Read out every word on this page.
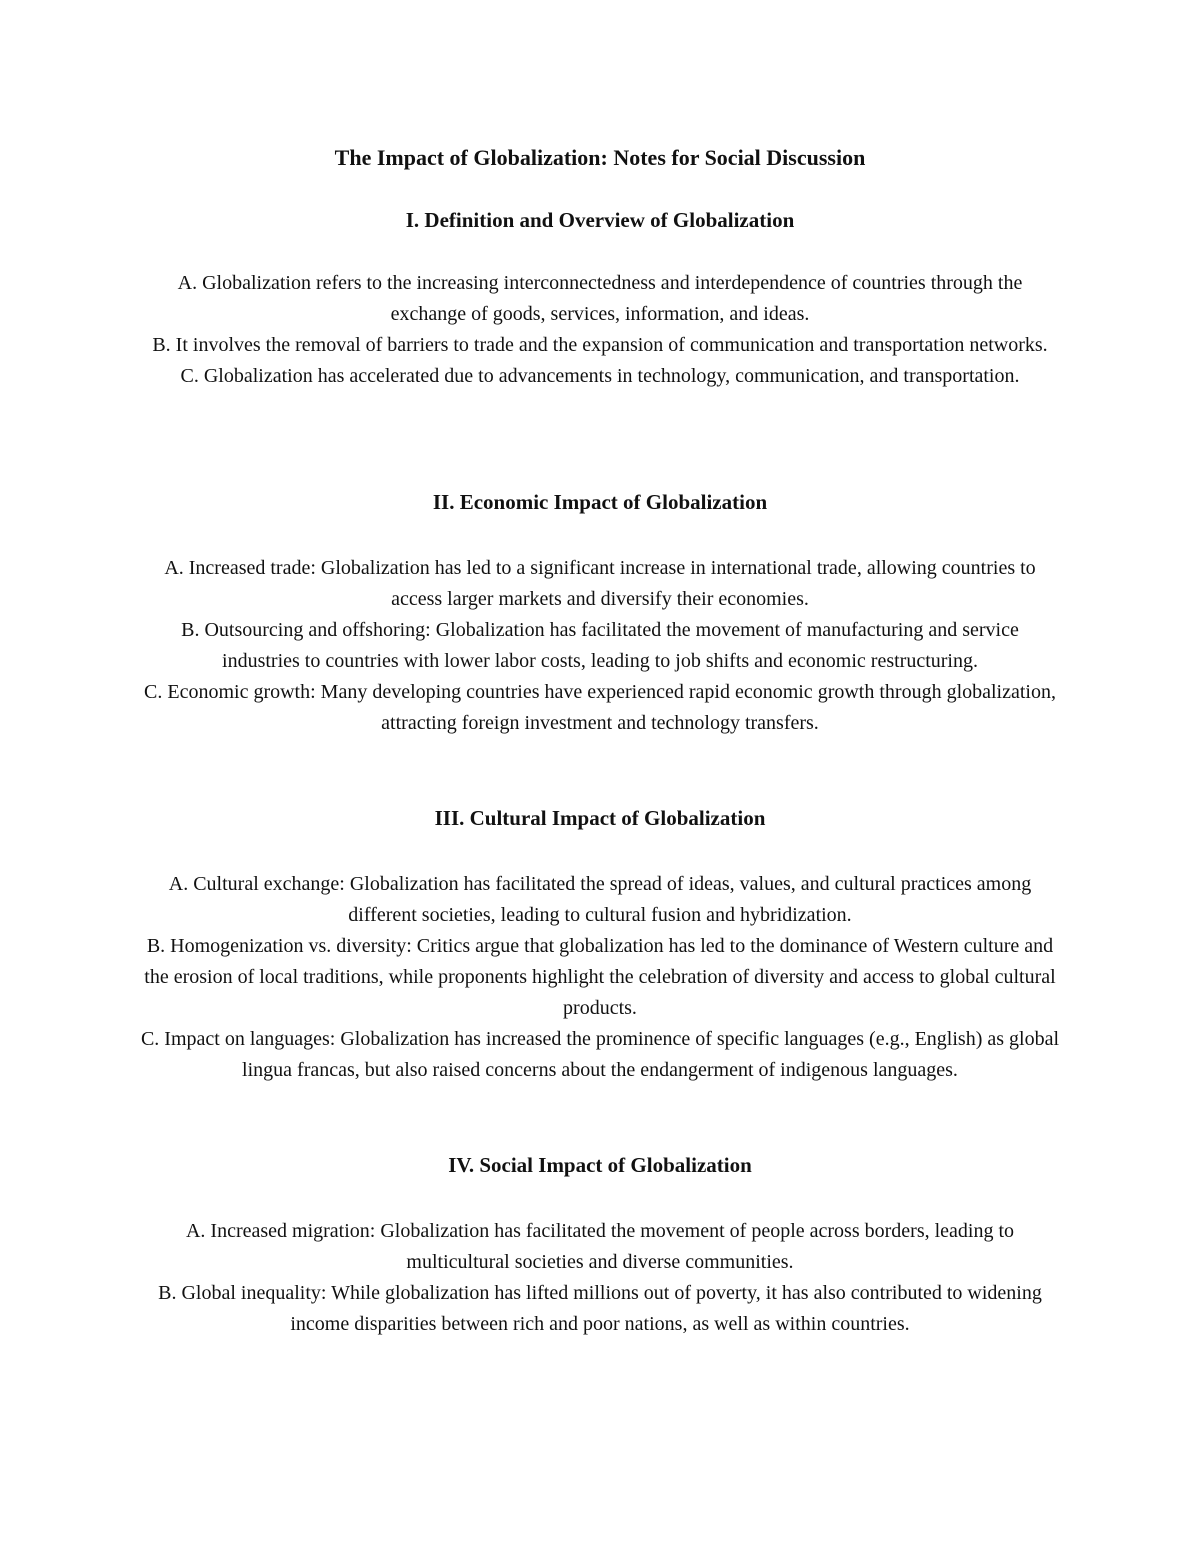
The Impact of Globalization: Notes for Social Discussion
I. Definition and Overview of Globalization
A. Globalization refers to the increasing interconnectedness and interdependence of countries through the exchange of goods, services, information, and ideas.
B. It involves the removal of barriers to trade and the expansion of communication and transportation networks.
C. Globalization has accelerated due to advancements in technology, communication, and transportation.
II. Economic Impact of Globalization
A. Increased trade: Globalization has led to a significant increase in international trade, allowing countries to access larger markets and diversify their economies.
B. Outsourcing and offshoring: Globalization has facilitated the movement of manufacturing and service industries to countries with lower labor costs, leading to job shifts and economic restructuring.
C. Economic growth: Many developing countries have experienced rapid economic growth through globalization, attracting foreign investment and technology transfers.
III. Cultural Impact of Globalization
A. Cultural exchange: Globalization has facilitated the spread of ideas, values, and cultural practices among different societies, leading to cultural fusion and hybridization.
B. Homogenization vs. diversity: Critics argue that globalization has led to the dominance of Western culture and the erosion of local traditions, while proponents highlight the celebration of diversity and access to global cultural products.
C. Impact on languages: Globalization has increased the prominence of specific languages (e.g., English) as global lingua francas, but also raised concerns about the endangerment of indigenous languages.
IV. Social Impact of Globalization
A. Increased migration: Globalization has facilitated the movement of people across borders, leading to multicultural societies and diverse communities.
B. Global inequality: While globalization has lifted millions out of poverty, it has also contributed to widening income disparities between rich and poor nations, as well as within countries.
